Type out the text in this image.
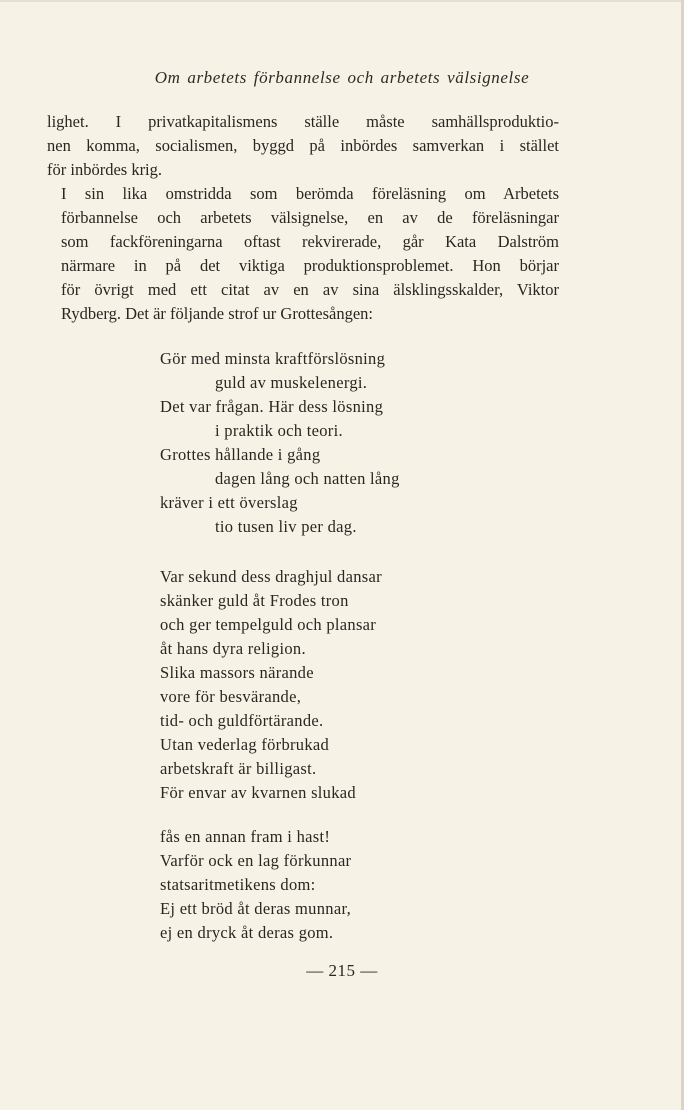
Om arbetets förbannelse och arbetets välsignelse

lighet. I privatkapitalismens ställe måste samhällsproduktio-
nen komma, socialismen, byggd på inbördes samverkan i stället
för inbördes krig.

I sin lika omstridda som berömda föreläsning om Arbetets
förbannelse och arbetets välsignelse, en av de föreläsningar
som fackföreningarna oftast rekvirerade, går Kata Dalström
närmare in på det viktiga produktionsproblemet. Hon börjar
för övrigt med ett citat av en av sina älsklingsskalder, Viktor
Rydberg. Det är följande strof ur Grottesången:

Gör med minsta kraftförslösning
guld av muskelenergi.
Det var frågan. Här dess lösning
i praktik och teori.
Grottes hållande i gång
dagen lång och natten lång
kräver i ett överslag
tio tusen liv per dag.
Var sekund dess draghjul dansar
skänker guld åt Frodes tron
och ger tempelguld och plansar
åt hans dyra religion.
Slika massors närande
vore för besvärande,
tid- och guldförtärande.
Utan vederlag förbrukad
arbetskraft är billigast.
För envar av kvarnen slukad
fås en annan fram i hast!
Varför ock en lag förkunnar
statsaritmetikens dom:
Ej ett bröd åt deras munnar,
ej en dryck åt deras gom.

— 215 —
